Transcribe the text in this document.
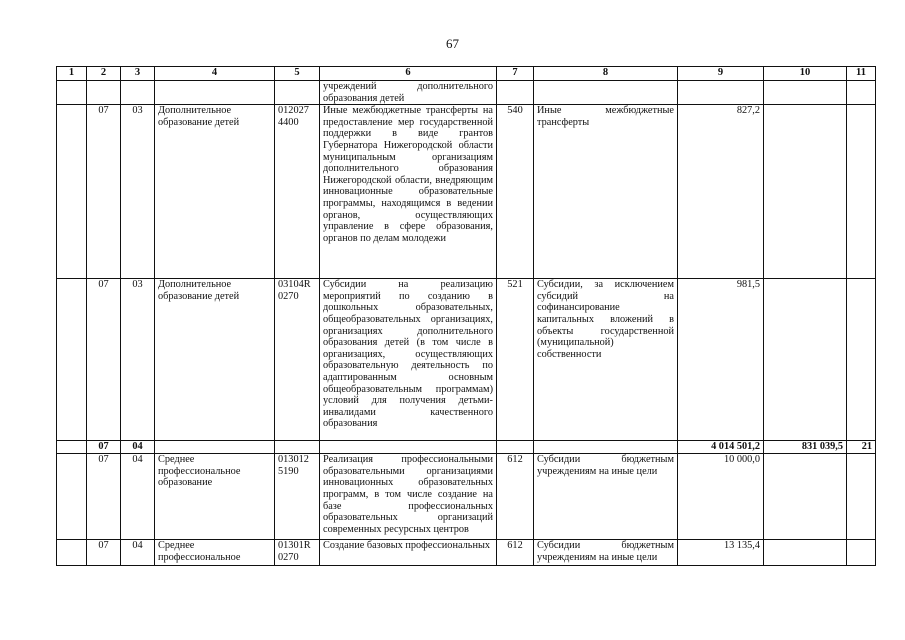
67
1	2	3	4	5	6	7	8	9	10	11
					учреждений дополнительного образования детей					
	07	03	Дополнительное образование детей	012027 4400	Иные межбюджетные трансферты на предоставление мер государственной поддержки в виде грантов Губернатора Нижегородской области муниципальным организациям дополнительного образования Нижегородской области, внедряющим инновационные образовательные программы, находящимся в ведении органов, осуществляющих управление в сфере образования, органов по делам молодежи	540	Иные межбюджетные трансферты	827,2		
	07	03	Дополнительное образование детей	03104R 0270	Субсидии на реализацию мероприятий по созданию в дошкольных образовательных, общеобразовательных организациях, организациях дополнительного образования детей (в том числе в организациях, осуществляющих образовательную деятельность по адаптированным основным общеобразовательным программам) условий для получения детьми-инвалидами качественного образования	521	Субсидии, за исключением субсидий на софинансирование капитальных вложений в объекты государственной (муниципальной) собственности	981,5		
	07	04						4 014 501,2	831 039,5	21
	07	04	Среднее профессиональное образование	013012 5190	Реализация профессиональными образовательными организациями инновационных образовательных программ, в том числе создание на базе профессиональных образовательных организаций современных ресурсных центров	612	Субсидии бюджетным учреждениям на иные цели	10 000,0		
	07	04	Среднее профессиональное	01301R 0270	Создание базовых профессиональных	612	Субсидии бюджетным учреждениям на иные цели	13 135,4		
